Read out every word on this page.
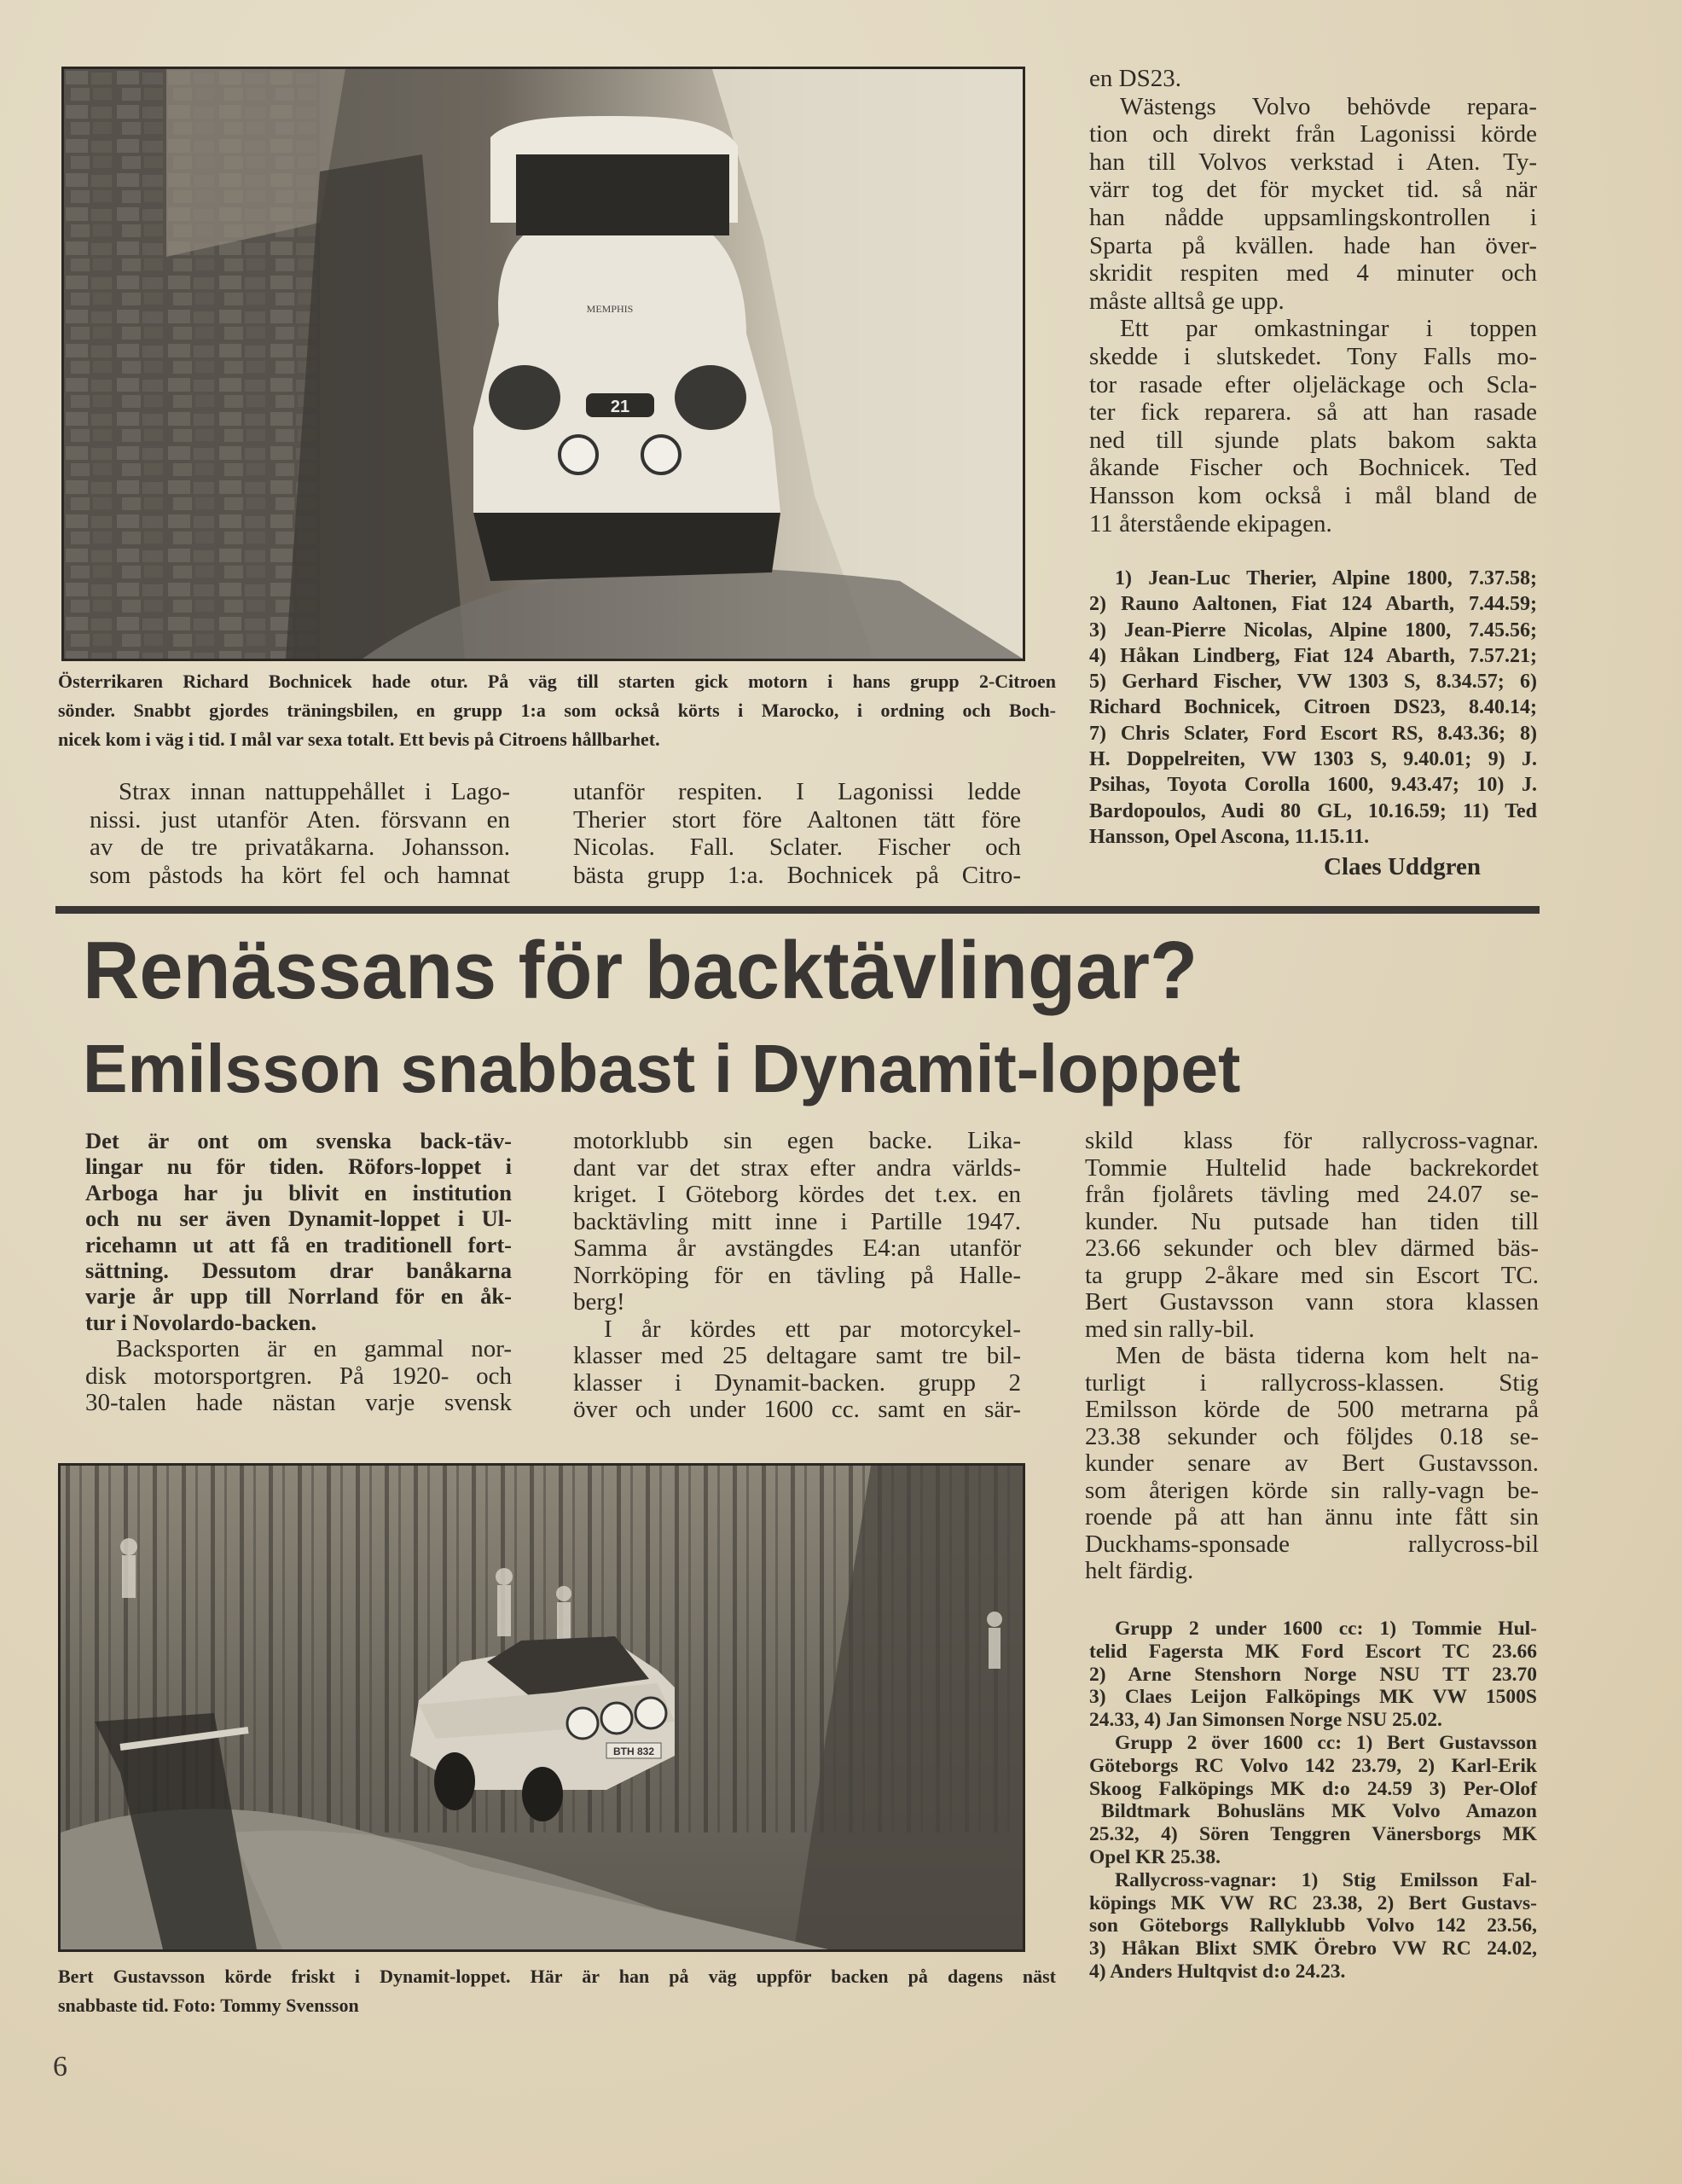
21
MEMPHIS
Österrikaren Richard Bochnicek hade otur. På väg till starten gick motorn i hans grupp 2-Citroen
sönder. Snabbt gjordes träningsbilen, en grupp 1:a som också körts i Marocko, i ordning och Boch-
nicek kom i väg i tid. I mål var sexa totalt. Ett bevis på Citroens hållbarhet.
Strax innan nattuppehållet i Lago-
nissi. just utanför Aten. försvann en
av de tre privatåkarna. Johansson.
som påstods ha kört fel och hamnat
utanför respiten. I Lagonissi ledde
Therier stort före Aaltonen tätt före
Nicolas. Fall. Sclater. Fischer och
bästa grupp 1:a. Bochnicek på Citro-
en DS23.
Wästengs Volvo behövde repara-
tion och direkt från Lagonissi körde
han till Volvos verkstad i Aten. Ty-
värr tog det för mycket tid. så när
han nådde uppsamlingskontrollen i
Sparta på kvällen. hade han över-
skridit respiten med 4 minuter och
måste alltså ge upp.
Ett par omkastningar i toppen
skedde i slutskedet. Tony Falls mo-
tor rasade efter oljeläckage och Scla-
ter fick reparera. så att han rasade
ned till sjunde plats bakom sakta
åkande Fischer och Bochnicek. Ted
Hansson kom också i mål bland de
11 återstående ekipagen.
1) Jean-Luc Therier, Alpine 1800, 7.37.58;
2) Rauno Aaltonen, Fiat 124 Abarth, 7.44.59;
3) Jean-Pierre Nicolas, Alpine 1800, 7.45.56;
4) Håkan Lindberg, Fiat 124 Abarth, 7.57.21;
5) Gerhard Fischer, VW 1303 S, 8.34.57; 6)
Richard Bochnicek, Citroen DS23, 8.40.14;
7) Chris Sclater, Ford Escort RS, 8.43.36; 8)
H. Doppelreiten, VW 1303 S, 9.40.01; 9) J.
Psihas, Toyota Corolla 1600, 9.43.47; 10) J.
Bardopoulos, Audi 80 GL, 10.16.59; 11) Ted
Hansson, Opel Ascona, 11.15.11.
Claes Uddgren
Renässans för backtävlingar?
Emilsson snabbast i Dynamit-loppet
Det är ont om svenska back-täv-
lingar nu för tiden. Röfors-loppet i
Arboga har ju blivit en institution
och nu ser även Dynamit-loppet i Ul-
ricehamn ut att få en traditionell fort-
sättning. Dessutom drar banåkarna
varje år upp till Norrland för en åk-
tur i Novolardo-backen.
Backsporten är en gammal nor-
disk motorsportgren. På 1920- och
30-talen hade nästan varje svensk
motorklubb sin egen backe. Lika-
dant var det strax efter andra världs-
kriget. I Göteborg kördes det t.ex. en
backtävling mitt inne i Partille 1947.
Samma år avstängdes E4:an utanför
Norrköping för en tävling på Halle-
berg!
I år kördes ett par motorcykel-
klasser med 25 deltagare samt tre bil-
klasser i Dynamit-backen. grupp 2
över och under 1600 cc. samt en sär-
skild klass för rallycross-vagnar.
Tommie Hultelid hade backrekordet
från fjolårets tävling med 24.07 se-
kunder. Nu putsade han tiden till
23.66 sekunder och blev därmed bäs-
ta grupp 2-åkare med sin Escort TC.
Bert Gustavsson vann stora klassen
med sin rally-bil.
Men de bästa tiderna kom helt na-
turligt i rallycross-klassen. Stig
Emilsson körde de 500 metrarna på
23.38 sekunder och följdes 0.18 se-
kunder senare av Bert Gustavsson.
som återigen körde sin rally-vagn be-
roende på att han ännu inte fått sin
Duckhams-sponsade rallycross-bil
helt färdig.
Grupp 2 under 1600 cc: 1) Tommie Hul-
telid Fagersta MK Ford Escort TC 23.66
2) Arne Stenshorn Norge NSU TT 23.70
3) Claes Leijon Falköpings MK VW 1500S
24.33, 4) Jan Simonsen Norge NSU 25.02.
Grupp 2 över 1600 cc: 1) Bert Gustavsson
Göteborgs RC Volvo 142 23.79, 2) Karl-Erik
Skoog Falköpings MK d:o 24.59 3) Per-Olof
Bildtmark Bohusläns MK Volvo Amazon
25.32, 4) Sören Tenggren Vänersborgs MK
Opel KR 25.38.
Rallycross-vagnar: 1) Stig Emilsson Fal-
köpings MK VW RC 23.38, 2) Bert Gustavs-
son Göteborgs Rallyklubb Volvo 142 23.56,
3) Håkan Blixt SMK Örebro VW RC 24.02,
4) Anders Hultqvist d:o 24.23.
BTH 832
Bert Gustavsson körde friskt i Dynamit-loppet. Här är han på väg uppför backen på dagens näst
snabbaste tid. Foto: Tommy Svensson
6
